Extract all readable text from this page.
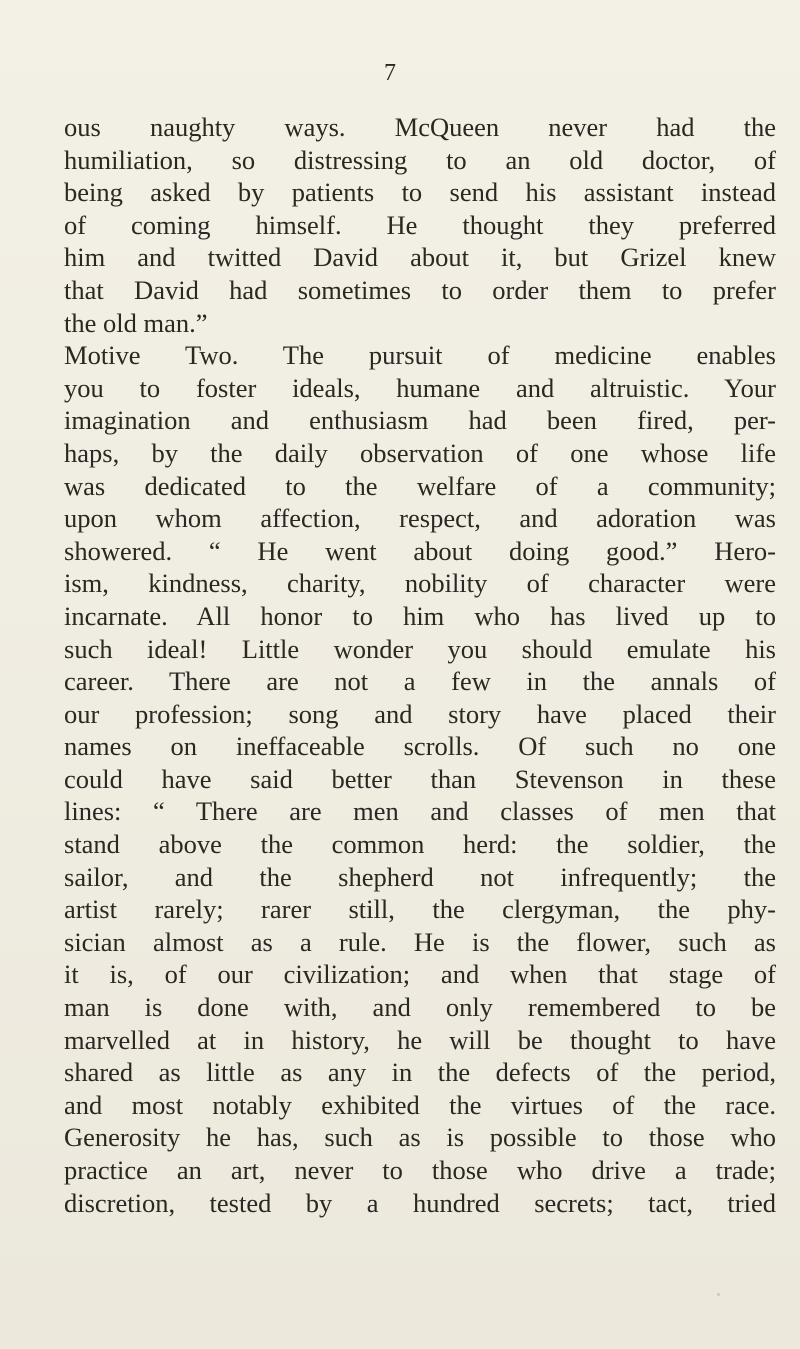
7
ous naughty ways. McQueen never had the
humiliation, so distressing to an old doctor, of
being asked by patients to send his assistant instead
of coming himself. He thought they preferred
him and twitted David about it, but Grizel knew
that David had sometimes to order them to prefer
the old man.”
Motive Two. The pursuit of medicine enables
you to foster ideals, humane and altruistic. Your
imagination and enthusiasm had been fired, per-
haps, by the daily observation of one whose life
was dedicated to the welfare of a community;
upon whom affection, respect, and adoration was
showered. “ He went about doing good.” Hero-
ism, kindness, charity, nobility of character were
incarnate. All honor to him who has lived up to
such ideal! Little wonder you should emulate his
career. There are not a few in the annals of
our profession; song and story have placed their
names on ineffaceable scrolls. Of such no one
could have said better than Stevenson in these
lines: “ There are men and classes of men that
stand above the common herd: the soldier, the
sailor, and the shepherd not infrequently; the
artist rarely; rarer still, the clergyman, the phy-
sician almost as a rule. He is the flower, such as
it is, of our civilization; and when that stage of
man is done with, and only remembered to be
marvelled at in history, he will be thought to have
shared as little as any in the defects of the period,
and most notably exhibited the virtues of the race.
Generosity he has, such as is possible to those who
practice an art, never to those who drive a trade;
discretion, tested by a hundred secrets; tact, tried
